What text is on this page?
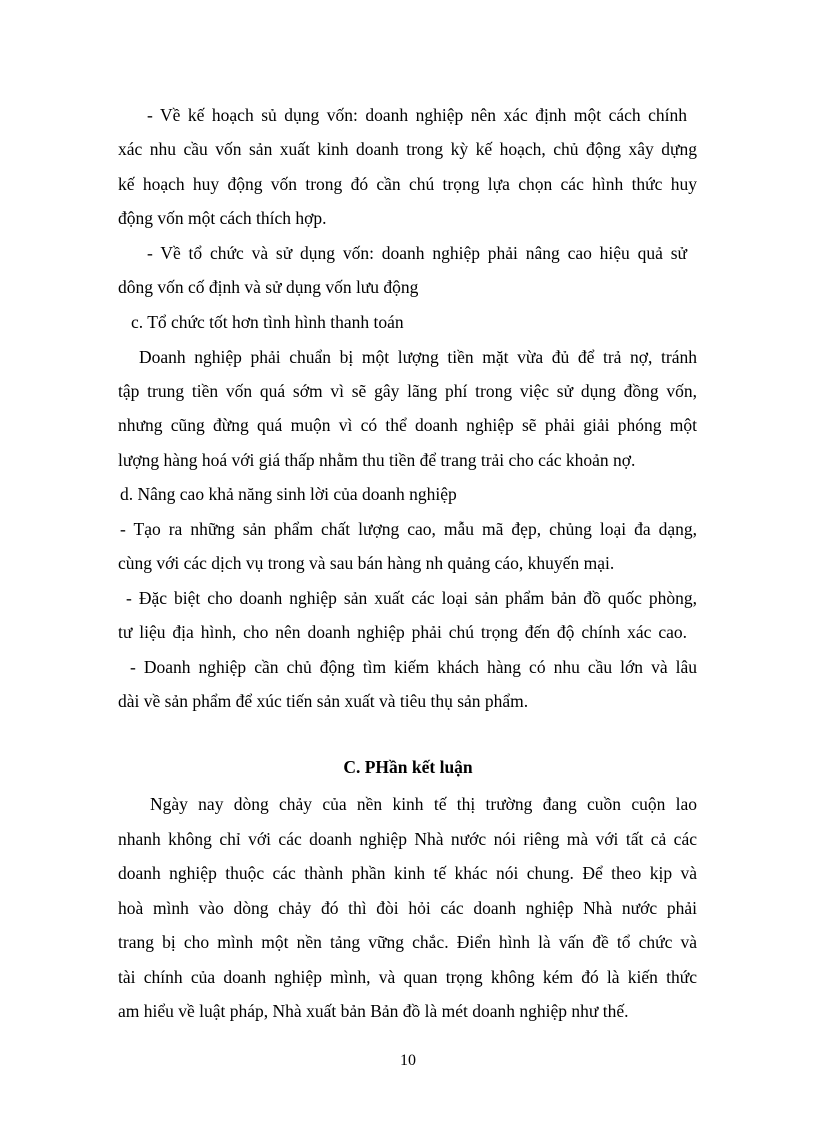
- Về kế hoạch sủ dụng vốn: doanh nghiệp nên xác định một cách chính

xác nhu cầu vốn sản xuất kinh doanh trong kỳ kế hoạch, chủ động xây dựng

kế hoạch huy động vốn trong đó cần chú trọng lựa chọn các hình thức huy

động vốn một cách thích hợp.

- Về tổ chức và sử dụng vốn: doanh nghiệp phải nâng cao hiệu quả sử

dông vốn cố định và sử dụng vốn lưu động

c. Tổ chức tốt hơn tình hình thanh toán

Doanh nghiệp phải chuẩn bị một lượng tiền mặt vừa đủ để trả nợ, tránh

tập trung tiền vốn quá sớm vì sẽ gây lãng phí trong việc sử dụng đồng vốn,

nhưng cũng đừng quá muộn vì có thể doanh nghiệp sẽ phải giải phóng một

lượng hàng hoá với giá thấp nhằm thu tiền để trang trải cho các khoản nợ.

d. Nâng cao khả năng sinh lời của doanh nghiệp

- Tạo ra những sản phẩm chất lượng cao, mẫu mã đẹp, chủng loại đa dạng,

cùng với các dịch vụ trong và sau bán hàng nh quảng cáo, khuyến mại.

- Đặc biệt cho doanh nghiệp sản xuất các loại sản phẩm bản đồ quốc phòng,

tư liệu địa hình, cho nên doanh nghiệp phải chú trọng đến độ chính xác cao.

- Doanh nghiệp cần chủ động tìm kiếm khách hàng có nhu cầu lớn và lâu

dài về sản phẩm để xúc tiến sản xuất và tiêu thụ sản phẩm.

C. PHần kết luận

Ngày nay dòng chảy của nền kinh tế thị trường đang cuồn cuộn lao

nhanh không chỉ với các doanh nghiệp Nhà nước nói riêng mà với tất cả các

doanh nghiệp thuộc các thành phần kinh tế khác nói chung. Để theo kịp và

hoà mình vào dòng chảy đó thì đòi hỏi các doanh nghiệp Nhà nước phải

trang bị cho mình một nền tảng vững chắc. Điển hình là vấn đề tổ chức và

tài chính của doanh nghiệp mình, và quan trọng không kém đó là kiến thức

am hiểu về luật pháp, Nhà xuất bản Bản đồ là mét doanh nghiệp như thế.

10
